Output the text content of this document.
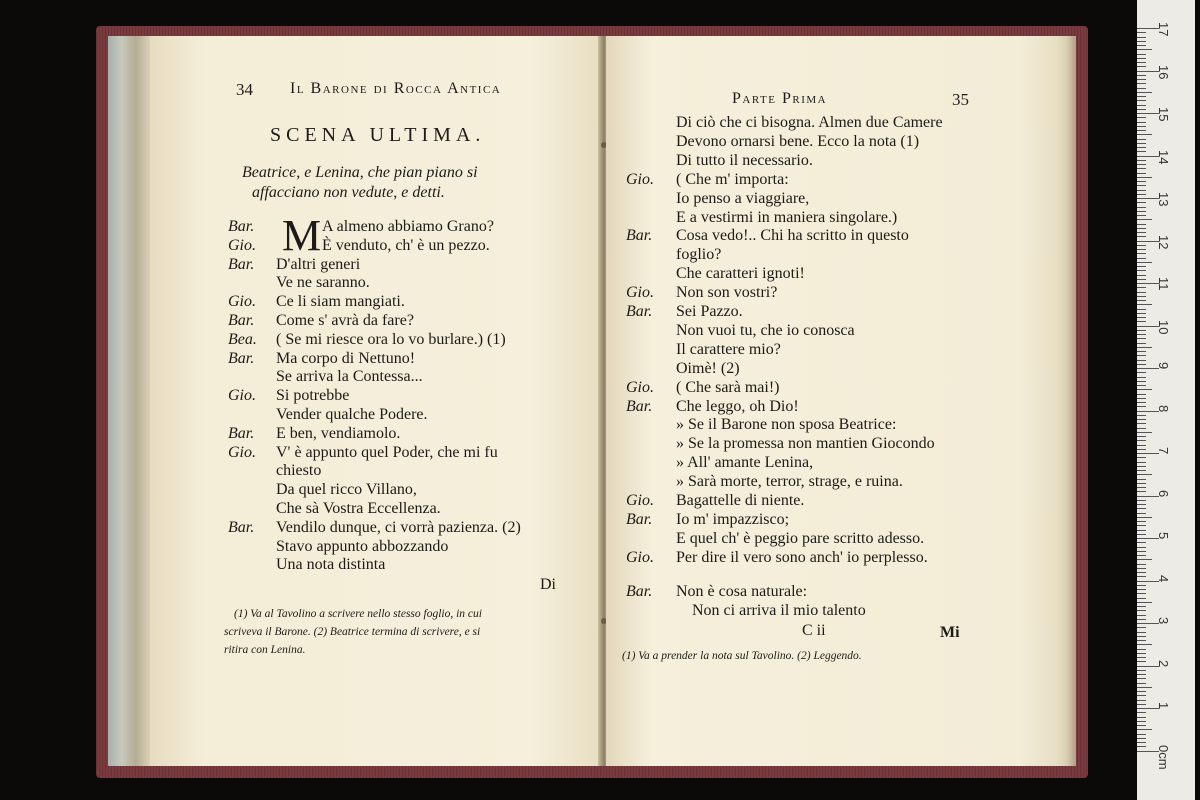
34 Il Barone di Rocca Antica
SCENA ULTIMA.
Beatrice, e Lenina, che pian piano si
affacciano non vedute, e detti.
M
Bar.	A almeno abbiamo Grano?
Gio.	È venduto, ch' è un pezzo.
Bar. D'altri generi
Ve ne saranno.
Gio. Ce li siam mangiati.
Bar. Come s' avrà da fare?
Bea. ( Se mi riesce ora lo vo burlare.) (1)
Bar. Ma corpo di Nettuno!
Se arriva la Contessa...
Gio. Si potrebbe
Vender qualche Podere.
Bar. E ben, vendiamolo.
Gio. V' è appunto quel Poder, che mi fu
chiesto
Da quel ricco Villano,
Che sà Vostra Eccellenza.
Bar. Vendilo dunque, ci vorrà pazienza. (2)
Stavo appunto abbozzando
Una nota distinta
Di
(1) Va al Tavolino a scrivere nello stesso foglio, in cui
scriveva il Barone. (2) Beatrice termina di scrivere, e si
ritira con Lenina.
Parte Prima	35
Di ciò che ci bisogna. Almen due Camere
Devono ornarsi bene. Ecco la nota (1)
Di tutto il necessario.
Gio. ( Che m' importa:
Io penso a viaggiare,
E a vestirmi in maniera singolare.)
Bar. Cosa vedo!.. Chi ha scritto in questo
foglio?
Che caratteri ignoti!
Gio. Non son vostri?
Bar. Sei Pazzo.
Non vuoi tu, che io conosca
Il carattere mio?
Oimè! (2)
Gio. ( Che sarà mai!)
Bar. Che leggo, oh Dio!
» Se il Barone non sposa Beatrice:
» Se la promessa non mantien Giocondo
» All' amante Lenina,
» Sarà morte, terror, strage, e ruina.
Gio. Bagattelle di niente.
Bar. Io m' impazzisco;
E quel ch' è peggio pare scritto adesso.
Gio. Per dire il vero sono anch' io perplesso.
Bar. Non è cosa naturale:
Non ci arriva il mio talento
C ii	Mi
(1) Va a prender la nota sul Tavolino. (2) Leggendo.
17
16
15
14
13
12
11
10
9
8
7
6
5
4
3
2
1
0cm
